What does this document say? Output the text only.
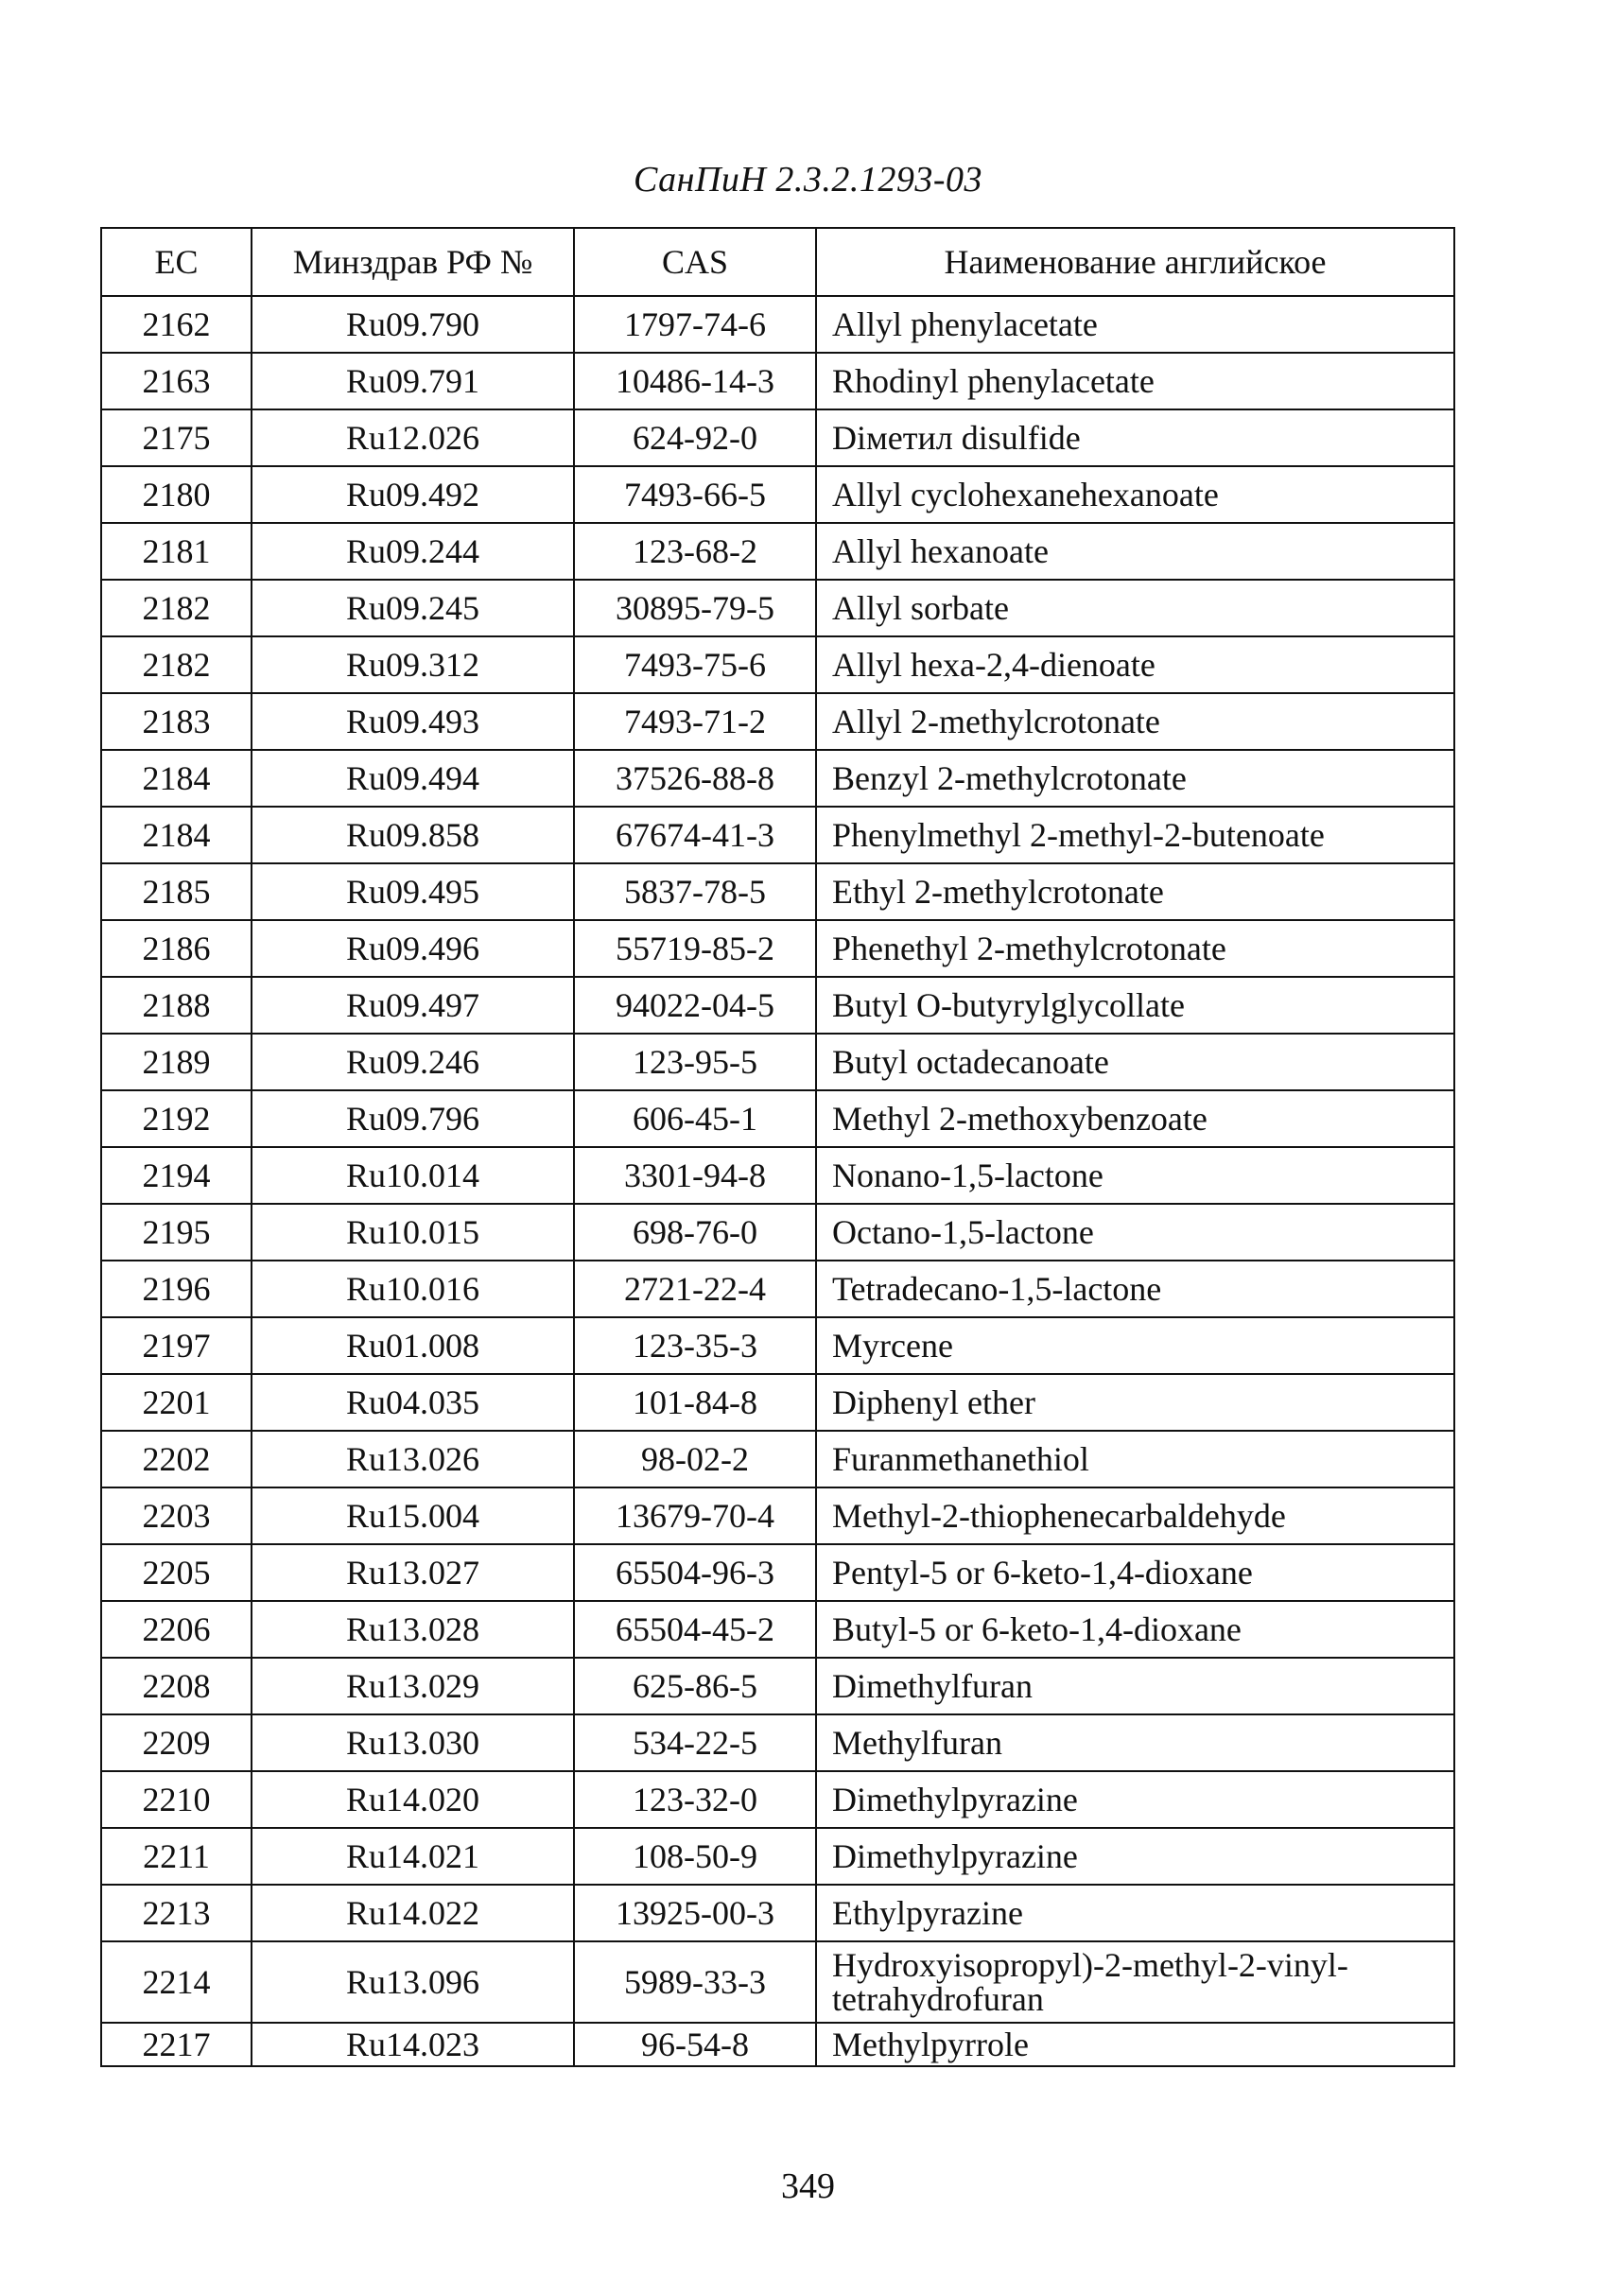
СанПиН 2.3.2.1293-03
ЕС	Минздрав РФ №	CAS	Наименование английское
2162	Ru09.790	1797-74-6	Allyl phenylacetate
2163	Ru09.791	10486-14-3	Rhodinyl phenylacetate
2175	Ru12.026	624-92-0	Diметил disulfide
2180	Ru09.492	7493-66-5	Allyl cyclohexanehexanoate
2181	Ru09.244	123-68-2	Allyl hexanoate
2182	Ru09.245	30895-79-5	Allyl sorbate
2182	Ru09.312	7493-75-6	Allyl hexa-2,4-dienoate
2183	Ru09.493	7493-71-2	Allyl 2-methylcrotonate
2184	Ru09.494	37526-88-8	Benzyl 2-methylcrotonate
2184	Ru09.858	67674-41-3	Phenylmethyl 2-methyl-2-butenoate
2185	Ru09.495	5837-78-5	Ethyl 2-methylcrotonate
2186	Ru09.496	55719-85-2	Phenethyl 2-methylcrotonate
2188	Ru09.497	94022-04-5	Butyl O-butyrylglycollate
2189	Ru09.246	123-95-5	Butyl octadecanoate
2192	Ru09.796	606-45-1	Methyl 2-methoxybenzoate
2194	Ru10.014	3301-94-8	Nonano-1,5-lactone
2195	Ru10.015	698-76-0	Octano-1,5-lactone
2196	Ru10.016	2721-22-4	Tetradecano-1,5-lactone
2197	Ru01.008	123-35-3	Myrcene
2201	Ru04.035	101-84-8	Diphenyl ether
2202	Ru13.026	98-02-2	Furanmethanethiol
2203	Ru15.004	13679-70-4	Methyl-2-thiophenecarbaldehyde
2205	Ru13.027	65504-96-3	Pentyl-5 or 6-keto-1,4-dioxane
2206	Ru13.028	65504-45-2	Butyl-5 or 6-keto-1,4-dioxane
2208	Ru13.029	625-86-5	Dimethylfuran
2209	Ru13.030	534-22-5	Methylfuran
2210	Ru14.020	123-32-0	Dimethylpyrazine
2211	Ru14.021	108-50-9	Dimethylpyrazine
2213	Ru14.022	13925-00-3	Ethylpyrazine
2214	Ru13.096	5989-33-3	Hydroxyisopropyl)-2-methyl-2-vinyl-tetrahydrofuran
2217	Ru14.023	96-54-8	Methylpyrrole
349
